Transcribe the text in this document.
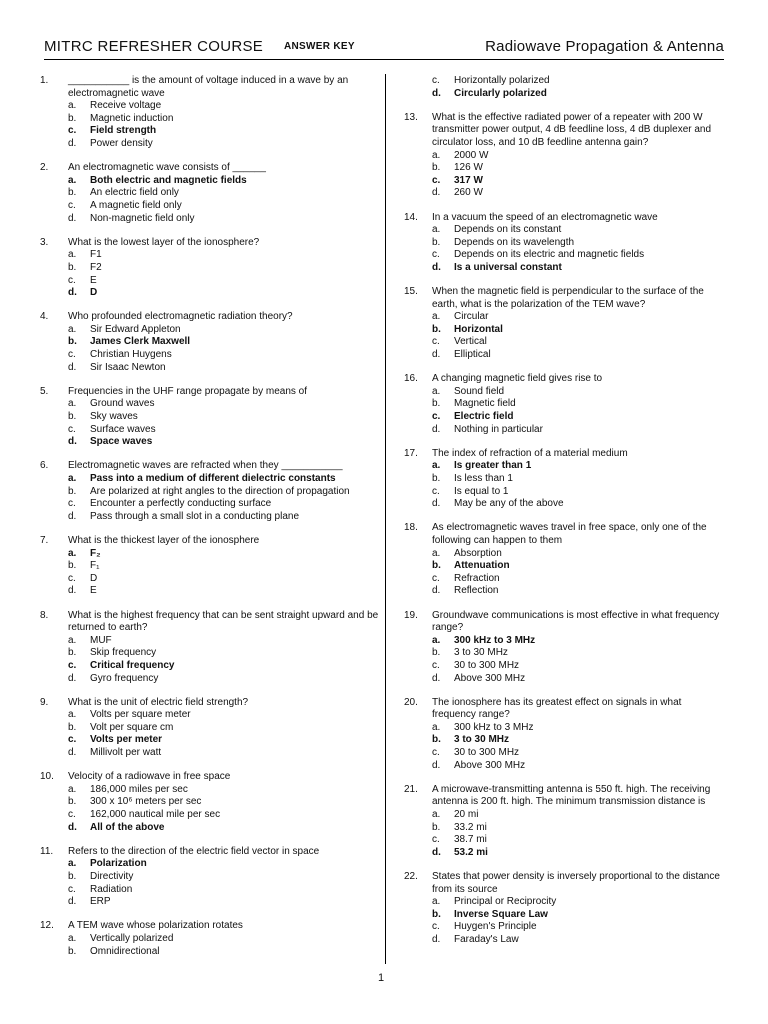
MITRC REFRESHER COURSE ANSWER KEY	Radiowave Propagation & Antenna
1.	___________ is the amount of voltage induced in a wave by an electromagnetic wave
a.	Receive voltage
b.	Magnetic induction
c.	Field strength
d.	Power density
2.	An electromagnetic wave consists of ______
a.	Both electric and magnetic fields
b.	An electric field only
c.	A magnetic field only
d.	Non-magnetic field only
3.	What is the lowest layer of the ionosphere?
a.	F1
b.	F2
c.	E
d.	D
4.	Who profounded electromagnetic radiation theory?
a.	Sir Edward Appleton
b.	James Clerk Maxwell
c.	Christian Huygens
d.	Sir Isaac Newton
5.	Frequencies in the UHF range propagate by means of
a.	Ground waves
b.	Sky waves
c.	Surface waves
d.	Space waves
6.	Electromagnetic waves are refracted when they ___________
a.	Pass into a medium of different dielectric constants
b.	Are polarized at right angles to the direction of propagation
c.	Encounter a perfectly conducting surface
d.	Pass through a small slot in a conducting plane
7.	What is the thickest layer of the ionosphere
a.	F₂
b.	F₁
c.	D
d.	E
8.	What is the highest frequency that can be sent straight upward and be returned to earth?
a.	MUF
b.	Skip frequency
c.	Critical frequency
d.	Gyro frequency
9.	What is the unit of electric field strength?
a.	Volts per square meter
b.	Volt per square cm
c.	Volts per meter
d.	Millivolt per watt
10.	Velocity of a radiowave in free space
a.	186,000 miles per sec
b.	300 x 10⁶ meters per sec
c.	162,000 nautical mile per sec
d.	All of the above
11.	Refers to the direction of the electric field vector in space
a.	Polarization
b.	Directivity
c.	Radiation
d.	ERP
12.	A TEM wave whose polarization rotates
a.	Vertically polarized
b.	Omnidirectional
c.	Horizontally polarized
d.	Circularly polarized
13.	What is the effective radiated power of a repeater with 200 W transmitter power output, 4 dB feedline loss, 4 dB duplexer and circulator loss, and 10 dB feedline antenna gain?
a.	2000 W
b.	126 W
c.	317 W
d.	260 W
14.	In a vacuum the speed of an electromagnetic wave
a.	Depends on its constant
b.	Depends on its wavelength
c.	Depends on its electric and magnetic fields
d.	Is a universal constant
15.	When the magnetic field is perpendicular to the surface of the earth, what is the polarization of the TEM wave?
a.	Circular
b.	Horizontal
c.	Vertical
d.	Elliptical
16.	A changing magnetic field gives rise to
a.	Sound field
b.	Magnetic field
c.	Electric field
d.	Nothing in particular
17.	The index of refraction of a material medium
a.	Is greater than 1
b.	Is less than 1
c.	Is equal to 1
d.	May be any of the above
18.	As electromagnetic waves travel in free space, only one of the following can happen to them
a.	Absorption
b.	Attenuation
c.	Refraction
d.	Reflection
19.	Groundwave communications is most effective in what frequency range?
a.	300 kHz to 3 MHz
b.	3 to 30 MHz
c.	30 to 300 MHz
d.	Above 300 MHz
20.	The ionosphere has its greatest effect on signals in what frequency range?
a.	300 kHz to 3 MHz
b.	3 to 30 MHz
c.	30 to 300 MHz
d.	Above 300 MHz
21.	A microwave-transmitting antenna is 550 ft. high. The receiving antenna is 200 ft. high. The minimum transmission distance is
a.	20 mi
b.	33.2 mi
c.	38.7 mi
d.	53.2 mi
22.	States that power density is inversely proportional to the distance from its source
a.	Principal or Reciprocity
b.	Inverse Square Law
c.	Huygen's Principle
d.	Faraday's Law
1
